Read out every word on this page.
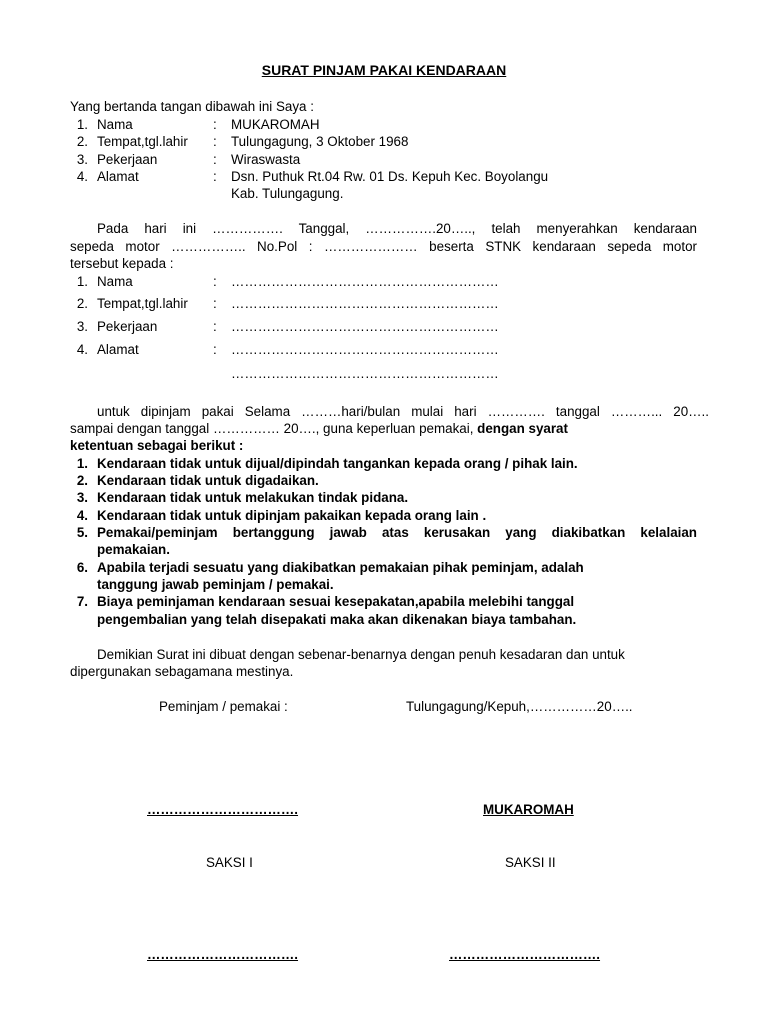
SURAT PINJAM PAKAI KENDARAAN
Yang bertanda tangan dibawah ini Saya :
1. Nama	: MUKAROMAH
2. Tempat,tgl.lahir : Tulungagung, 3 Oktober 1968
3. Pekerjaan	: Wiraswasta
4. Alamat	: Dsn. Puthuk Rt.04 Rw. 01 Ds. Kepuh Kec. Boyolangu
Kab. Tulungagung.
Pada hari ini ……………. Tanggal, …………….20….., telah menyerahkan kendaraan
sepeda motor …………….. No.Pol : ………………… beserta STNK kendaraan sepeda motor
tersebut kepada :
1. Nama	: ……………………………………………………
2. Tempat,tgl.lahir : ……………………………………………………
3. Pekerjaan	: ……………………………………………………
4. Alamat	: ……………………………………………………
……………………………………………………
untuk dipinjam pakai Selama ………hari/bulan mulai hari …………. tanggal ………... 20…..
sampai dengan tanggal …………… 20…., guna keperluan pemakai, dengan syarat
ketentuan sebagai berikut :
1. Kendaraan tidak untuk dijual/dipindah tangankan kepada orang / pihak lain.
2. Kendaraan tidak untuk digadaikan.
3. Kendaraan tidak untuk melakukan tindak pidana.
4. Kendaraan tidak untuk dipinjam pakaikan kepada orang lain .
5. Pemakai/peminjam bertanggung jawab atas kerusakan yang diakibatkan kelalaian
pemakaian.
6. Apabila terjadi sesuatu yang diakibatkan pemakaian pihak peminjam, adalah
tanggung jawab peminjam / pemakai.
7. Biaya peminjaman kendaraan sesuai kesepakatan,apabila melebihi tanggal
pengembalian yang telah disepakati maka akan dikenakan biaya tambahan.
Demikian Surat ini dibuat dengan sebenar-benarnya dengan penuh kesadaran dan untuk
dipergunakan sebagamana mestinya.
Peminjam / pemakai :	Tulungagung/Kepuh,……………20…..
…………………………….	MUKAROMAH
SAKSI I	SAKSI II
…………………………….	…………………………….
